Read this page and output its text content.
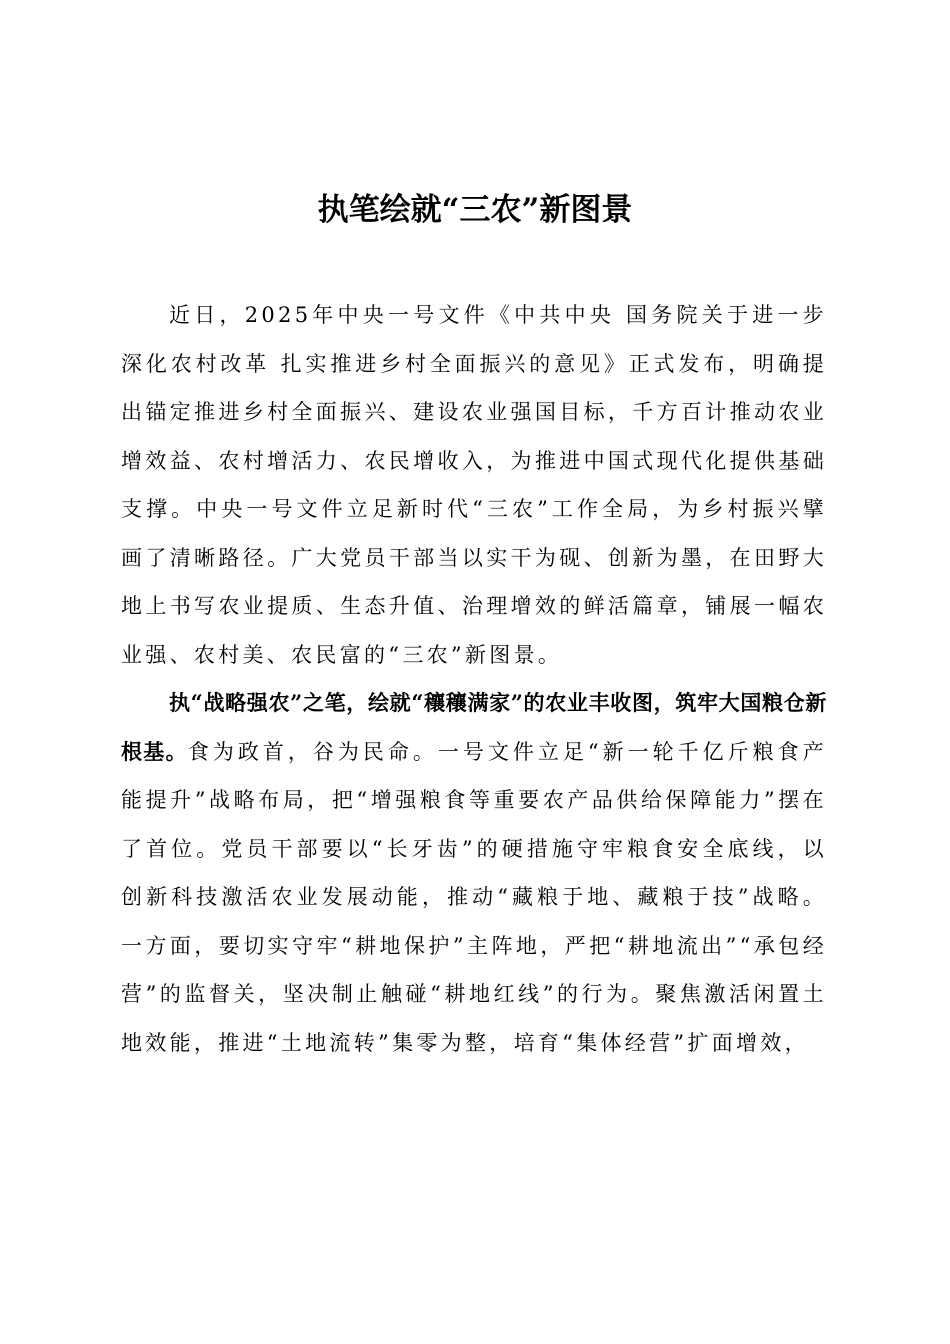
执笔绘就“三农”新图景

近日，2025年中央一号文件《中共中央 国务院关于进一步深化农村改革 扎实推进乡村全面振兴的意见》正式发布，明确提出锚定推进乡村全面振兴、建设农业强国目标，千方百计推动农业增效益、农村增活力、农民增收入，为推进中国式现代化提供基础支撑。中央一号文件立足新时代“三农”工作全局，为乡村振兴擘画了清晰路径。广大党员干部当以实干为砚、创新为墨，在田野大地上书写农业提质、生态升值、治理增效的鲜活篇章，铺展一幅农业强、农村美、农民富的“三农”新图景。

执“战略强农”之笔，绘就“穰穰满家”的农业丰收图，筑牢大国粮仓新根基。食为政首，谷为民命。一号文件立足“新一轮千亿斤粮食产能提升”战略布局，把“增强粮食等重要农产品供给保障能力”摆在了首位。党员干部要以“长牙齿”的硬措施守牢粮食安全底线，以创新科技激活农业发展动能，推动“藏粮于地、藏粮于技”战略。一方面，要切实守牢“耕地保护”主阵地，严把“耕地流出”“承包经营”的监督关，坚决制止触碰“耕地红线”的行为。聚焦激活闲置土地效能，推进“土地流转”集零为整，培育“集体经营”扩面增效，
